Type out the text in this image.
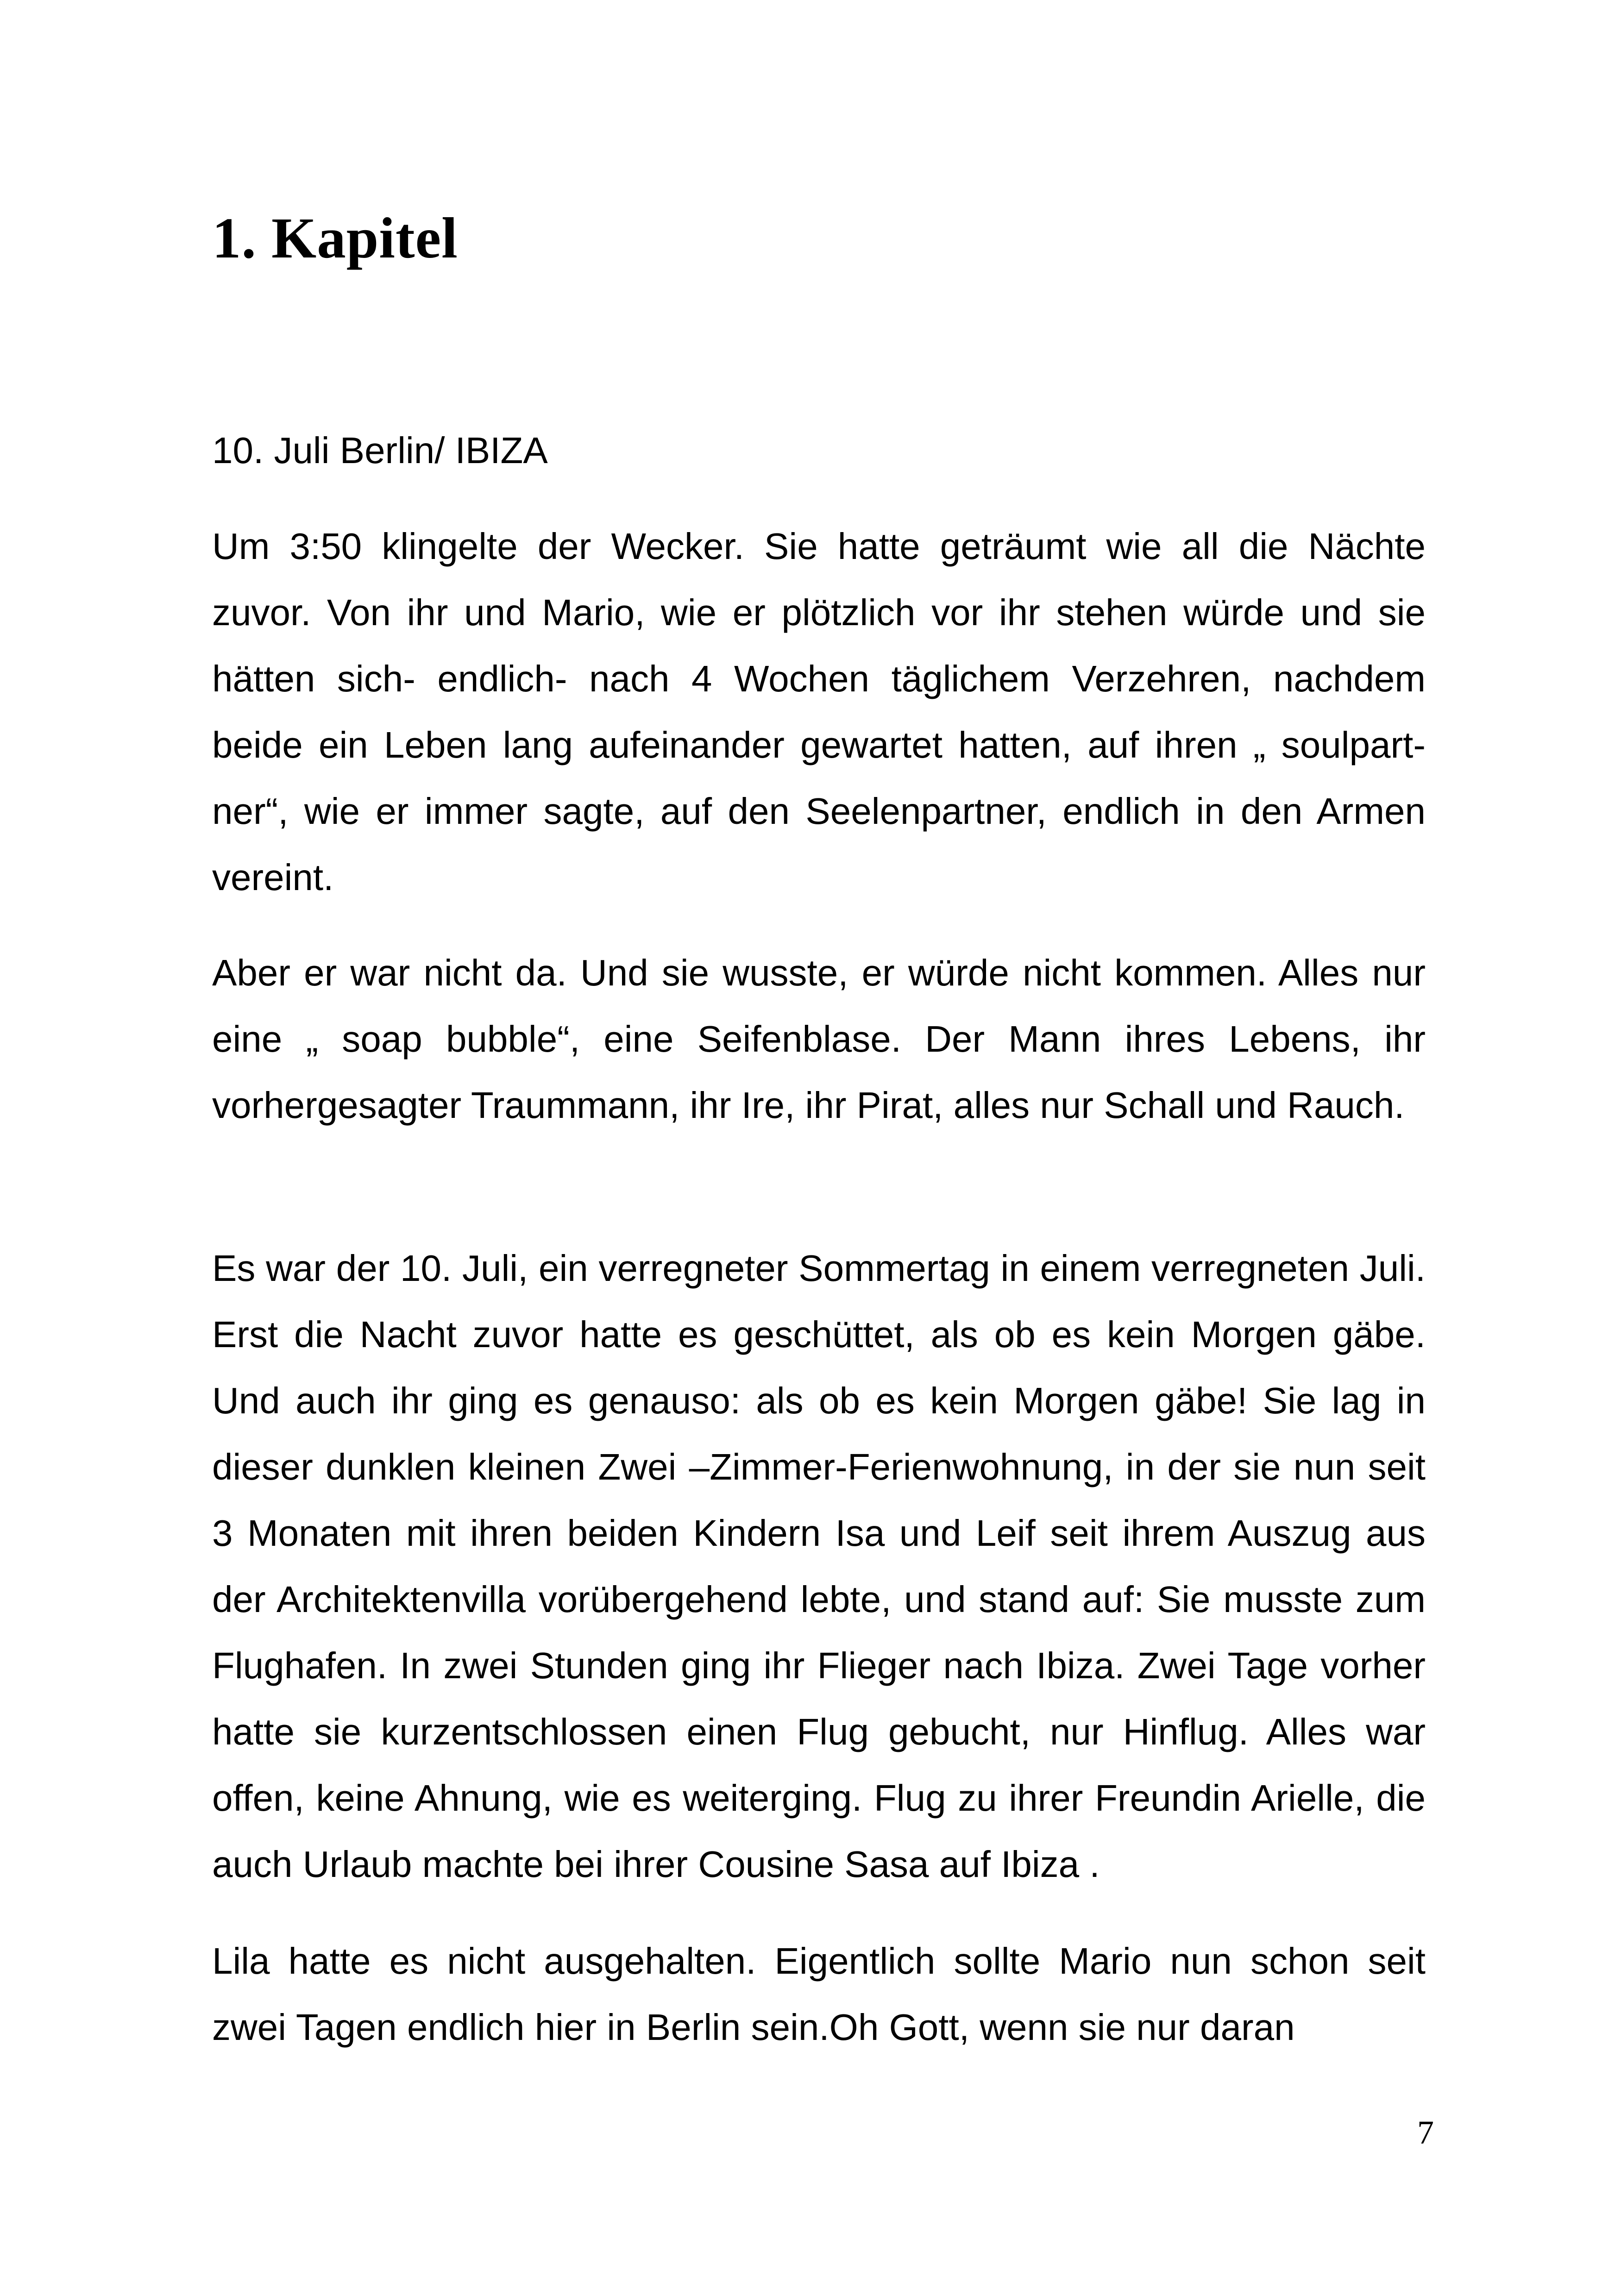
1. Kapitel

10. Juli Berlin/ IBIZA

Um 3:50 klingelte der Wecker. Sie hatte geträumt wie all die Nächte zuvor. Von ihr und Mario, wie er plötzlich vor ihr stehen würde und sie hätten sich- endlich- nach 4 Wochen täglichem Verzehren, nachdem beide ein Leben lang aufeinander gewartet hatten, auf ihren „ soulpart-ner“, wie er immer sagte, auf den Seelenpartner, endlich in den Armen vereint.

Aber er war nicht da. Und sie wusste, er würde nicht kommen. Alles nur eine „ soap bubble“, eine Seifenblase. Der Mann ihres Lebens, ihr vorhergesagter Traummann, ihr Ire, ihr Pirat, alles nur Schall und Rauch.

Es war der 10. Juli, ein verregneter Sommertag in einem verregneten Juli. Erst die Nacht zuvor hatte es geschüttet, als ob es kein Morgen gäbe. Und auch ihr ging es genauso: als ob es kein Morgen gäbe! Sie lag in dieser dunklen kleinen Zwei –Zimmer-Ferienwohnung, in der sie nun seit 3 Monaten mit ihren beiden Kindern Isa und Leif seit ihrem Auszug aus der Architektenvilla vorübergehend lebte, und stand auf: Sie musste zum Flughafen. In zwei Stunden ging ihr Flieger nach Ibiza. Zwei Tage vorher hatte sie kurzentschlossen einen Flug gebucht, nur Hinflug. Alles war offen, keine Ahnung, wie es weiterging. Flug zu ihrer Freundin Arielle, die auch Urlaub machte bei ihrer Cousine Sasa auf Ibiza .

Lila hatte es nicht ausgehalten. Eigentlich sollte Mario nun schon seit zwei Tagen endlich hier in Berlin sein.Oh Gott, wenn sie nur daran

7
